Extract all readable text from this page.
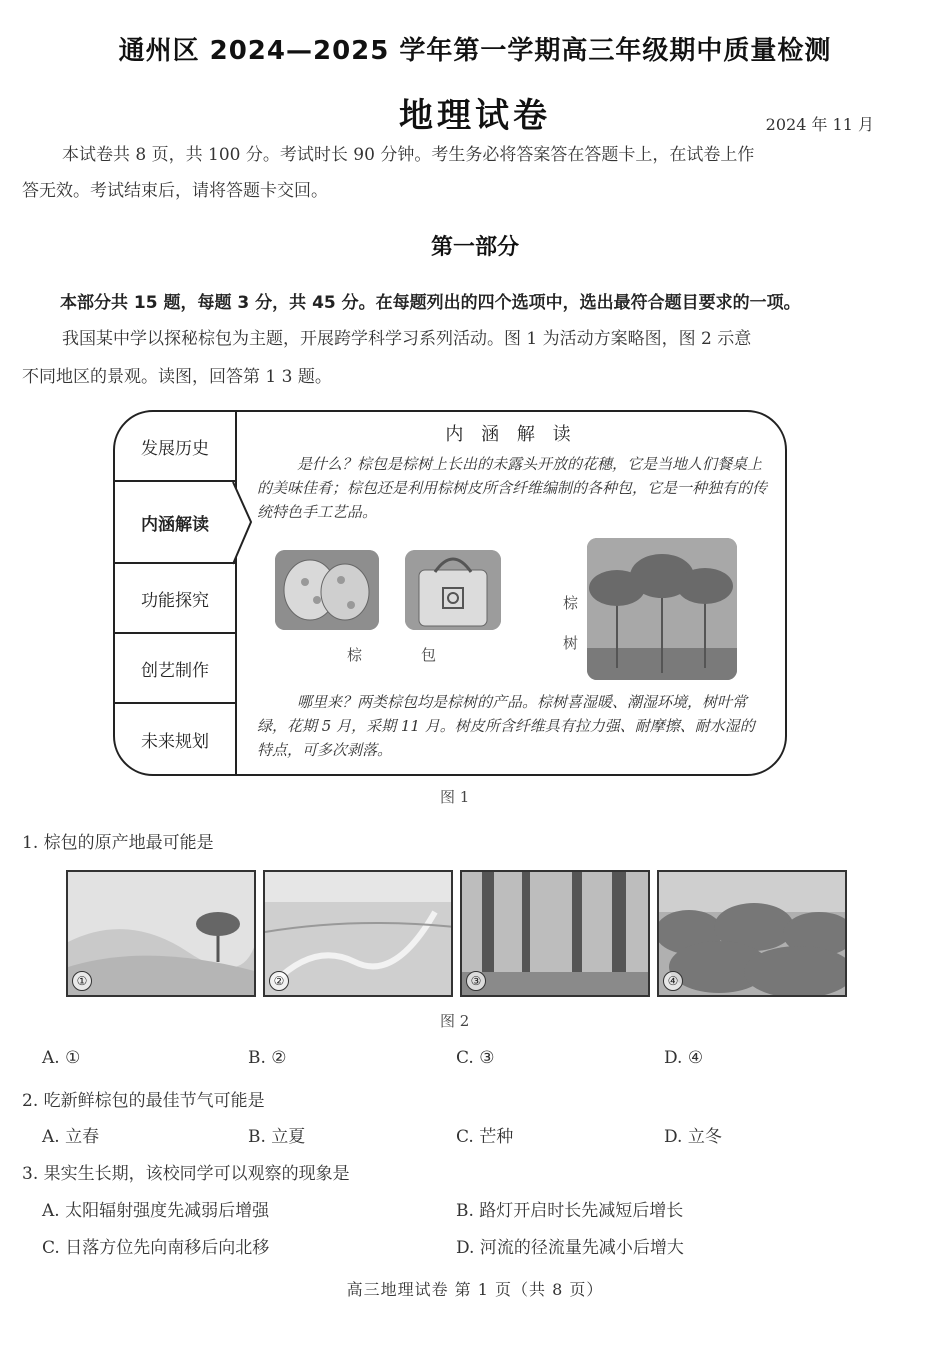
通州区 2024—2025 学年第一学期高三年级期中质量检测
地理试卷	2024 年 11 月
本试卷共 8 页，共 100 分。考试时长 90 分钟。考生务必将答案答在答题卡上，在试卷上作
答无效。考试结束后，请将答题卡交回。
第一部分
本部分共 15 题，每题 3 分，共 45 分。在每题列出的四个选项中，选出最符合题目要求的一项。
我国某中学以探秘棕包为主题，开展跨学科学习系列活动。图 1 为活动方案略图，图 2 示意
不同地区的景观。读图，回答第 1 3 题。
发展历史
内涵解读
功能探究
创艺制作
未来规划
内 涵 解 读
是什么？棕包是棕树上长出的未露头开放的花穗，它是当地人们餐桌上的美味佳肴；棕包还是利用棕树皮所含纤维编制的各种包，它是一种独有的传统特色手工艺品。
棕	包
棕
树
哪里来？两类棕包均是棕树的产品。棕树喜湿暖、潮湿环境，树叶常绿，花期 5 月，采期 11 月。树皮所含纤维具有拉力强、耐摩擦、耐水湿的特点，可多次剥落。
图 1
1. 棕包的原产地最可能是
①	②	③	④
图 2
A. ①	B. ②	C. ③	D. ④
2. 吃新鲜棕包的最佳节气可能是
A. 立春	B. 立夏	C. 芒种	D. 立冬
3. 果实生长期，该校同学可以观察的现象是
A. 太阳辐射强度先减弱后增强	B. 路灯开启时长先减短后增长
C. 日落方位先向南移后向北移	D. 河流的径流量先减小后增大
高三地理试卷 第 1 页（共 8 页）
